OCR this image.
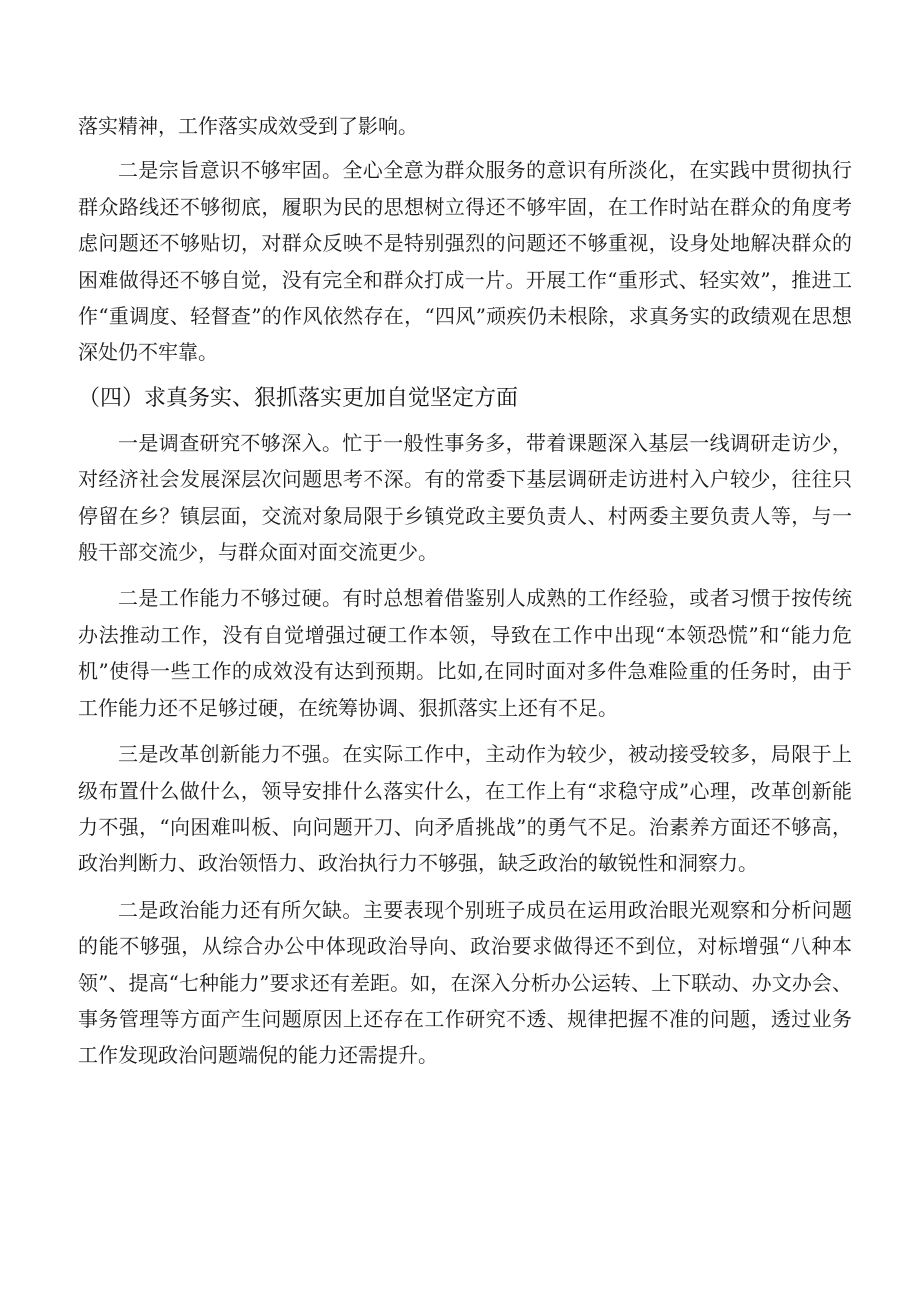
落实精神，工作落实成效受到了影响。

二是宗旨意识不够牢固。全心全意为群众服务的意识有所淡化，在实践中贯彻执行群众路线还不够彻底，履职为民的思想树立得还不够牢固，在工作时站在群众的角度考虑问题还不够贴切，对群众反映不是特别强烈的问题还不够重视，设身处地解决群众的困难做得还不够自觉，没有完全和群众打成一片。开展工作“重形式、轻实效”，推进工作“重调度、轻督查”的作风依然存在，“四风”顽疾仍未根除，求真务实的政绩观在思想深处仍不牢靠。

（四）求真务实、狠抓落实更加自觉坚定方面

一是调查研究不够深入。忙于一般性事务多，带着课题深入基层一线调研走访少，对经济社会发展深层次问题思考不深。有的常委下基层调研走访进村入户较少，往往只停留在乡？镇层面，交流对象局限于乡镇党政主要负责人、村两委主要负责人等，与一般干部交流少，与群众面对面交流更少。

二是工作能力不够过硬。有时总想着借鉴别人成熟的工作经验，或者习惯于按传统办法推动工作，没有自觉增强过硬工作本领，导致在工作中出现“本领恐慌”和“能力危机”使得一些工作的成效没有达到预期。比如,在同时面对多件急难险重的任务时，由于工作能力还不足够过硬，在统筹协调、狠抓落实上还有不足。

三是改革创新能力不强。在实际工作中，主动作为较少，被动接受较多，局限于上级布置什么做什么，领导安排什么落实什么，在工作上有“求稳守成”心理，改革创新能力不强，“向困难叫板、向问题开刀、向矛盾挑战”的勇气不足。治素养方面还不够高，政治判断力、政治领悟力、政治执行力不够强，缺乏政治的敏锐性和洞察力。

二是政治能力还有所欠缺。主要表现个别班子成员在运用政治眼光观察和分析问题的能不够强，从综合办公中体现政治导向、政治要求做得还不到位，对标增强“八种本领”、提高“七种能力”要求还有差距。如，在深入分析办公运转、上下联动、办文办会、事务管理等方面产生问题原因上还存在工作研究不透、规律把握不准的问题，透过业务工作发现政治问题端倪的能力还需提升。
